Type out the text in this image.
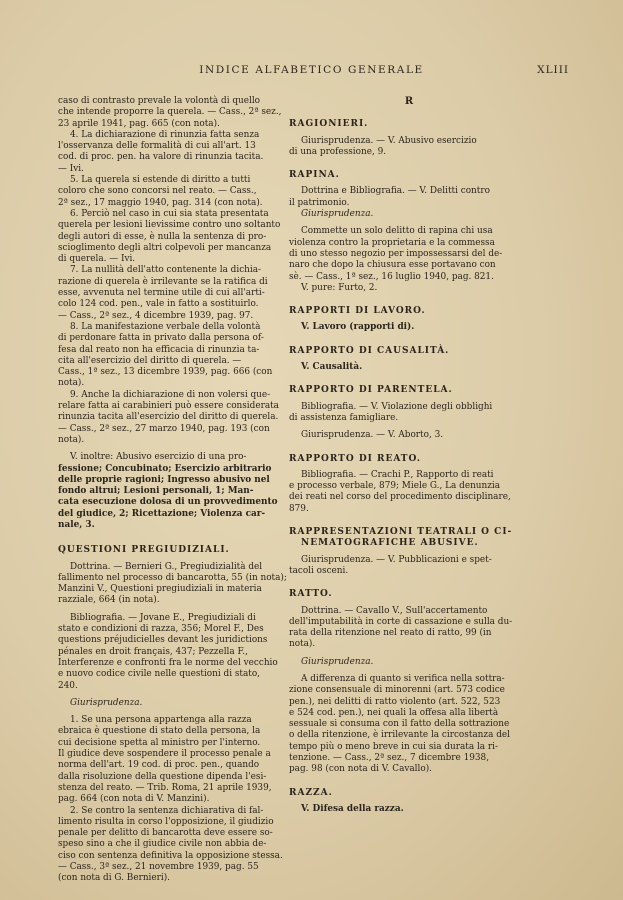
INDICE ALFABETICO GENERALE	XLIII
caso di contrasto prevale la volontà di quello
che intende proporre la querela. — Cass., 2ª sez.,
23 aprile 1941, pag. 665 (con nota).
4. La dichiarazione di rinunzia fatta senza
l'osservanza delle formalità di cui all'art. 13
cod. di proc. pen. ha valore di rinunzia tacita.
— Ivi.
5. La querela si estende di diritto a tutti
coloro che sono concorsi nel reato. — Cass.,
2ª sez., 17 maggio 1940, pag. 314 (con nota).
6. Perciò nel caso in cui sia stata presentata
querela per lesioni lievissime contro uno soltanto
degli autori di esse, è nulla la sentenza di pro-
scioglimento degli altri colpevoli per mancanza
di querela. — Ivi.
7. La nullità dell'atto contenente la dichia-
razione di querela è irrilevante se la ratifica di
esse, avvenuta nel termine utile di cui all'arti-
colo 124 cod. pen., vale in fatto a sostituirlo.
— Cass., 2ª sez., 4 dicembre 1939, pag. 97.
8. La manifestazione verbale della volontà
di perdonare fatta in privato dalla persona of-
fesa dal reato non ha efficacia di rinunzia ta-
cita all'esercizio del diritto di querela. —
Cass., 1ª sez., 13 dicembre 1939, pag. 666 (con
nota).
9. Anche la dichiarazione di non volersi que-
relare fatta ai carabinieri può essere considerata
rinunzia tacita all'esercizio del diritto di querela.
— Cass., 2ª sez., 27 marzo 1940, pag. 193 (con
nota).
V. inoltre: Abusivo esercizio di una pro-
fessione; Concubinato; Esercizio arbitrario
delle proprie ragioni; Ingresso abusivo nel
fondo altrui; Lesioni personali, 1; Man-
cata esecuzione dolosa di un provvedimento
del giudice, 2; Ricettazione; Violenza car-
nale, 3.
QUESTIONI PREGIUDIZIALI.
Dottrina. — Bernieri G., Pregiudizialità del
fallimento nel processo di bancarotta, 55 (in nota);
Manzini V., Questioni pregiudiziali in materia
razziale, 664 (in nota).
Bibliografia. — Jovane E., Pregiudiziali di
stato e condizioni di razza, 356; Morel F., Des
questions préjudicielles devant les juridictions
pénales en droit français, 437; Pezzella F.,
Interferenze e confronti fra le norme del vecchio
e nuovo codice civile nelle questioni di stato,
240.
Giurisprudenza.
1. Se una persona appartenga alla razza
ebraica è questione di stato della persona, la
cui decisione spetta al ministro per l'interno.
Il giudice deve sospendere il processo penale a
norma dell'art. 19 cod. di proc. pen., quando
dalla risoluzione della questione dipenda l'esi-
stenza del reato. — Trib. Roma, 21 aprile 1939,
pag. 664 (con nota di V. Manzini).
2. Se contro la sentenza dichiarativa di fal-
limento risulta in corso l'opposizione, il giudizio
penale per delitto di bancarotta deve essere so-
speso sino a che il giudice civile non abbia de-
ciso con sentenza definitiva la opposizione stessa.
— Cass., 3ª sez., 21 novembre 1939, pag. 55
(con nota di G. Bernieri).
R
RAGIONIERI.
Giurisprudenza. — V. Abusivo esercizio
di una professione, 9.
RAPINA.
Dottrina e Bibliografia. — V. Delitti contro
il patrimonio.
Giurisprudenza.
Commette un solo delitto di rapina chi usa
violenza contro la proprietaria e la commessa
di uno stesso negozio per impossessarsi del de-
naro che dopo la chiusura esse portavano con
sè. — Cass., 1ª sez., 16 luglio 1940, pag. 821.
V. pure: Furto, 2.
RAPPORTI DI LAVORO.
V. Lavoro (rapporti di).
RAPPORTO DI CAUSALITÀ.
V. Causalità.
RAPPORTO DI PARENTELA.
Bibliografia. — V. Violazione degli obblighi
di assistenza famigliare.
Giurisprudenza. — V. Aborto, 3.
RAPPORTO DI REATO.
Bibliografia. — Crachi P., Rapporto di reati
e processo verbale, 879; Miele G., La denunzia
dei reati nel corso del procedimento disciplinare,
879.
RAPPRESENTAZIONI TEATRALI O CI-
NEMATOGRAFICHE ABUSIVE.
Giurisprudenza. — V. Pubblicazioni e spet-
tacoli osceni.
RATTO.
Dottrina. — Cavallo V., Sull'accertamento
dell'imputabilità in corte di cassazione e sulla du-
rata della ritenzione nel reato di ratto, 99 (in
nota).
Giurisprudenza.
A differenza di quanto si verifica nella sottra-
zione consensuale di minorenni (art. 573 codice
pen.), nei delitti di ratto violento (art. 522, 523
e 524 cod. pen.), nei quali la offesa alla libertà
sessuale si consuma con il fatto della sottrazione
o della ritenzione, è irrilevante la circostanza del
tempo più o meno breve in cui sia durata la ri-
tenzione. — Cass., 2ª sez., 7 dicembre 1938,
pag. 98 (con nota di V. Cavallo).
RAZZA.
V. Difesa della razza.
